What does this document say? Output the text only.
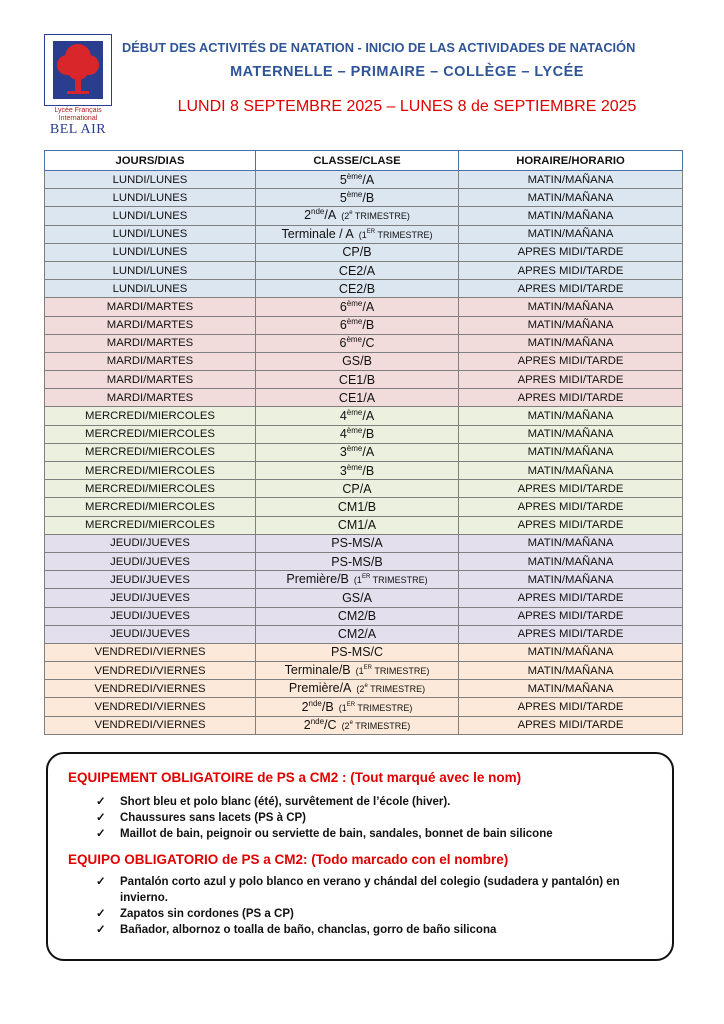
Lycée Français
International
BEL AIR
DÉBUT DES ACTIVITÉS DE NATATION - INICIO DE LAS ACTIVIDADES DE NATACIÓN
MATERNELLE – PRIMAIRE – COLLÈGE – LYCÉE
LUNDI 8 SEPTEMBRE 2025 – LUNES 8 de SEPTIEMBRE 2025
JOURS/DIAS	CLASSE/CLASE	HORAIRE/HORARIO
LUNDI/LUNES	5ème/A	MATIN/MAÑANA
LUNDI/LUNES	5ème/B	MATIN/MAÑANA
LUNDI/LUNES	2nde/A (2e TRIMESTRE)	MATIN/MAÑANA
LUNDI/LUNES	Terminale / A (1ER TRIMESTRE)	MATIN/MAÑANA
LUNDI/LUNES	CP/B	APRES MIDI/TARDE
LUNDI/LUNES	CE2/A	APRES MIDI/TARDE
LUNDI/LUNES	CE2/B	APRES MIDI/TARDE
MARDI/MARTES	6ème/A	MATIN/MAÑANA
MARDI/MARTES	6ème/B	MATIN/MAÑANA
MARDI/MARTES	6ème/C	MATIN/MAÑANA
MARDI/MARTES	GS/B	APRES MIDI/TARDE
MARDI/MARTES	CE1/B	APRES MIDI/TARDE
MARDI/MARTES	CE1/A	APRES MIDI/TARDE
MERCREDI/MIERCOLES	4ème/A	MATIN/MAÑANA
MERCREDI/MIERCOLES	4ème/B	MATIN/MAÑANA
MERCREDI/MIERCOLES	3ème/A	MATIN/MAÑANA
MERCREDI/MIERCOLES	3ème/B	MATIN/MAÑANA
MERCREDI/MIERCOLES	CP/A	APRES MIDI/TARDE
MERCREDI/MIERCOLES	CM1/B	APRES MIDI/TARDE
MERCREDI/MIERCOLES	CM1/A	APRES MIDI/TARDE
JEUDI/JUEVES	PS-MS/A	MATIN/MAÑANA
JEUDI/JUEVES	PS-MS/B	MATIN/MAÑANA
JEUDI/JUEVES	Première/B (1ER TRIMESTRE)	MATIN/MAÑANA
JEUDI/JUEVES	GS/A	APRES MIDI/TARDE
JEUDI/JUEVES	CM2/B	APRES MIDI/TARDE
JEUDI/JUEVES	CM2/A	APRES MIDI/TARDE
VENDREDI/VIERNES	PS-MS/C	MATIN/MAÑANA
VENDREDI/VIERNES	Terminale/B (1ER TRIMESTRE)	MATIN/MAÑANA
VENDREDI/VIERNES	Première/A (2e TRIMESTRE)	MATIN/MAÑANA
VENDREDI/VIERNES	2nde/B (1ER TRIMESTRE)	APRES MIDI/TARDE
VENDREDI/VIERNES	2nde/C (2e TRIMESTRE)	APRES MIDI/TARDE
EQUIPEMENT OBLIGATOIRE de PS a CM2 : (Tout marqué avec le nom)
✓	Short bleu et polo blanc (été), survêtement de l’école (hiver).
✓	Chaussures sans lacets (PS à CP)
✓	Maillot de bain, peignoir ou serviette de bain, sandales, bonnet de bain silicone
EQUIPO OBLIGATORIO de PS a CM2: (Todo marcado con el nombre)
✓	Pantalón corto azul y polo blanco en verano y chándal del colegio (sudadera y pantalón) en invierno.
✓	Zapatos sin cordones (PS a CP)
✓	Bañador, albornoz o toalla de baño, chanclas, gorro de baño silicona
